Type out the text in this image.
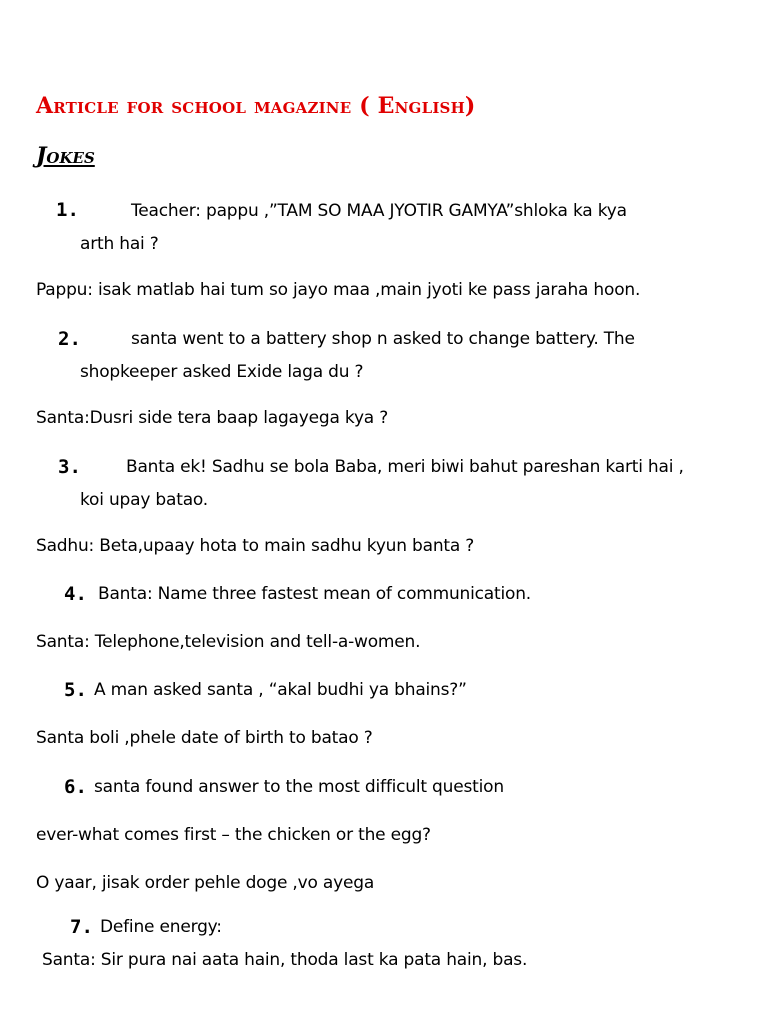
Article for school magazine ( English)
Jokes
1.	Teacher: pappu ,”TAM SO MAA JYOTIR GAMYA”shloka ka kya
arth hai ?
Pappu: isak matlab hai tum so jayo maa ,main jyoti ke pass jaraha hoon.
2.	santa went to a battery shop n asked to change battery. The
shopkeeper asked Exide laga du ?
Santa:Dusri side tera baap lagayega kya ?
3.	Banta ek! Sadhu se bola Baba, meri biwi bahut pareshan karti hai ,
koi upay batao.
Sadhu: Beta,upaay hota to main sadhu kyun banta ?
4. Banta: Name three fastest mean of communication.
Santa: Telephone,television and tell-a-women.
5. A man asked santa , “akal budhi ya bhains?”
Santa boli ,phele date of birth to batao ?
6. santa found answer to the most difficult question
ever-what comes first – the chicken or the egg?
O yaar, jisak order pehle doge ,vo ayega
7. Define energy:
Santa: Sir pura nai aata hain, thoda last ka pata hain, bas.
